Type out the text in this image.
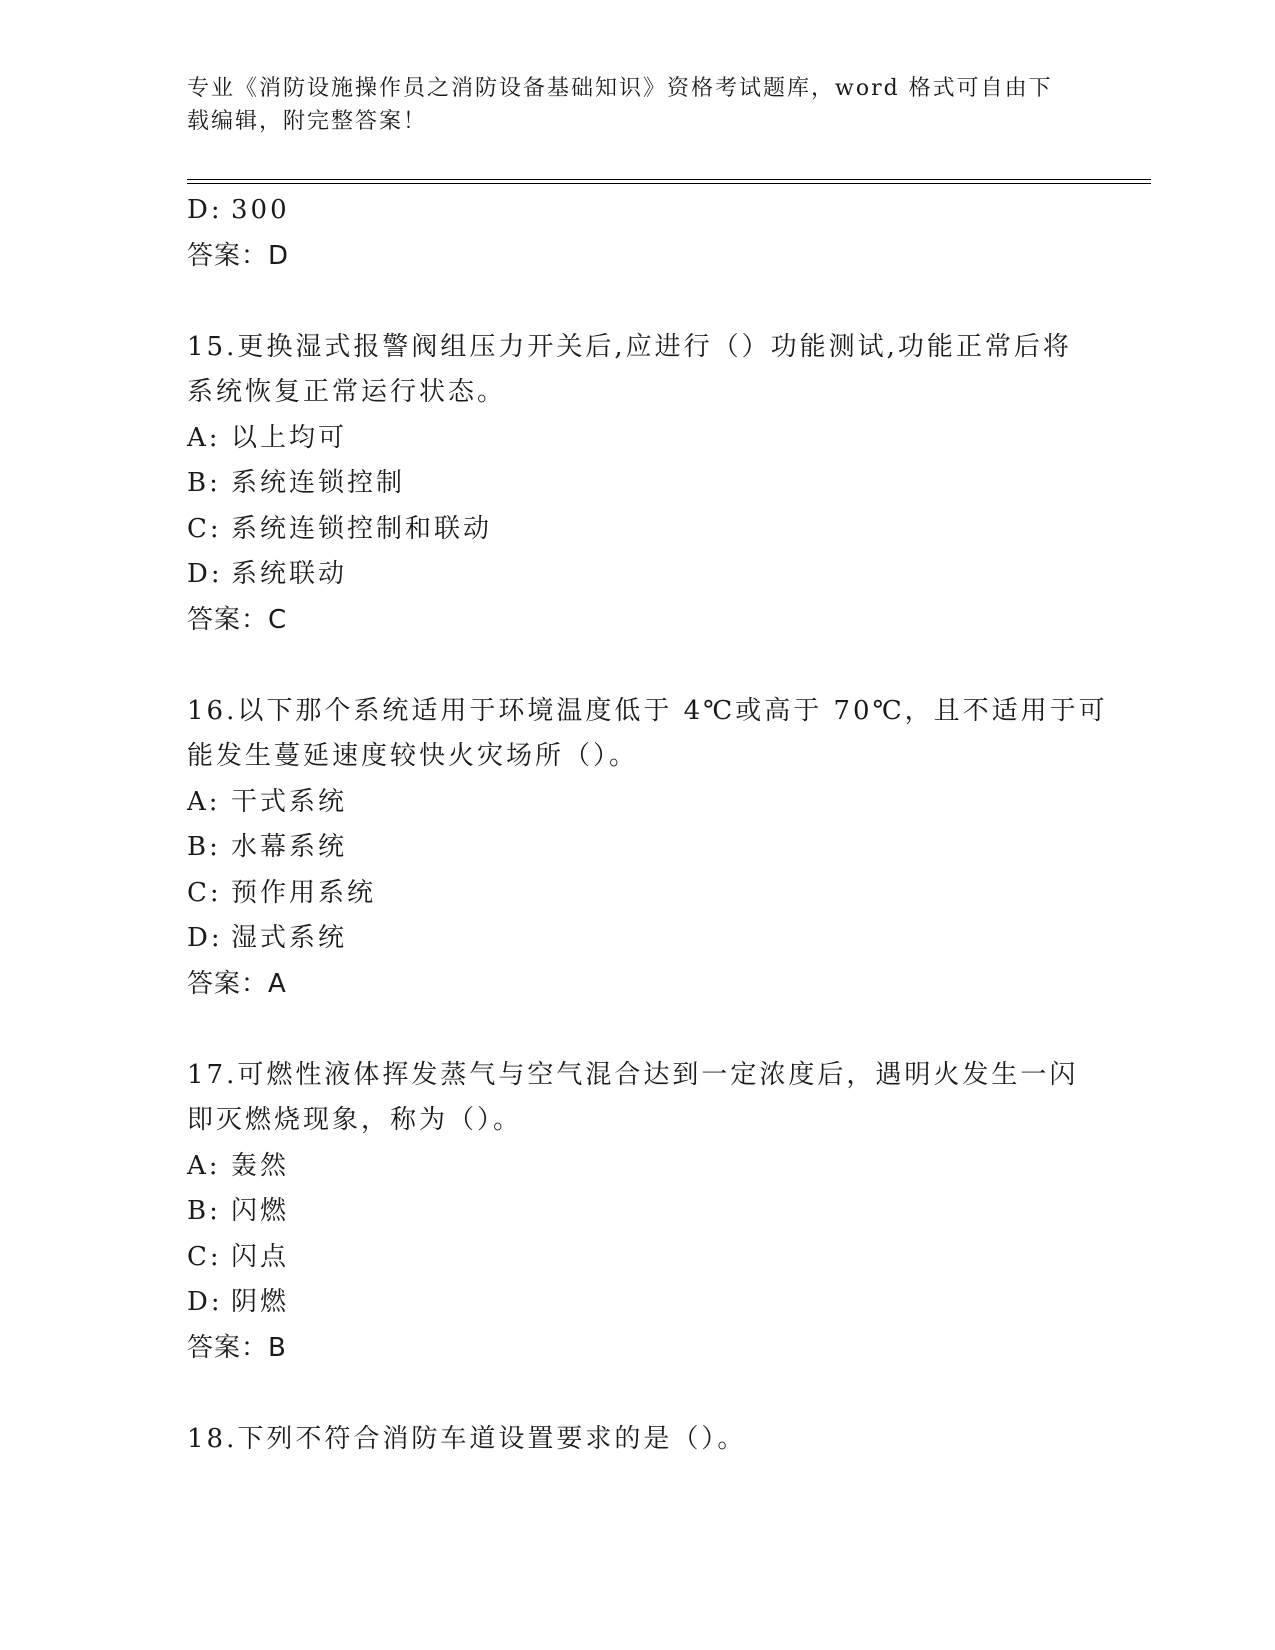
专业《消防设施操作员之消防设备基础知识》资格考试题库，word 格式可自由下
载编辑，附完整答案！
D: 300
答案：D
15.更换湿式报警阀组压力开关后,应进行（）功能测试,功能正常后将
系统恢复正常运行状态。
A: 以上均可
B: 系统连锁控制
C: 系统连锁控制和联动
D: 系统联动
答案：C
16.以下那个系统适用于环境温度低于 4℃或高于 70℃，且不适用于可
能发生蔓延速度较快火灾场所（）。
A: 干式系统
B: 水幕系统
C: 预作用系统
D: 湿式系统
答案：A
17.可燃性液体挥发蒸气与空气混合达到一定浓度后，遇明火发生一闪
即灭燃烧现象，称为（）。
A: 轰然
B: 闪燃
C: 闪点
D: 阴燃
答案：B
18.下列不符合消防车道设置要求的是（）。
